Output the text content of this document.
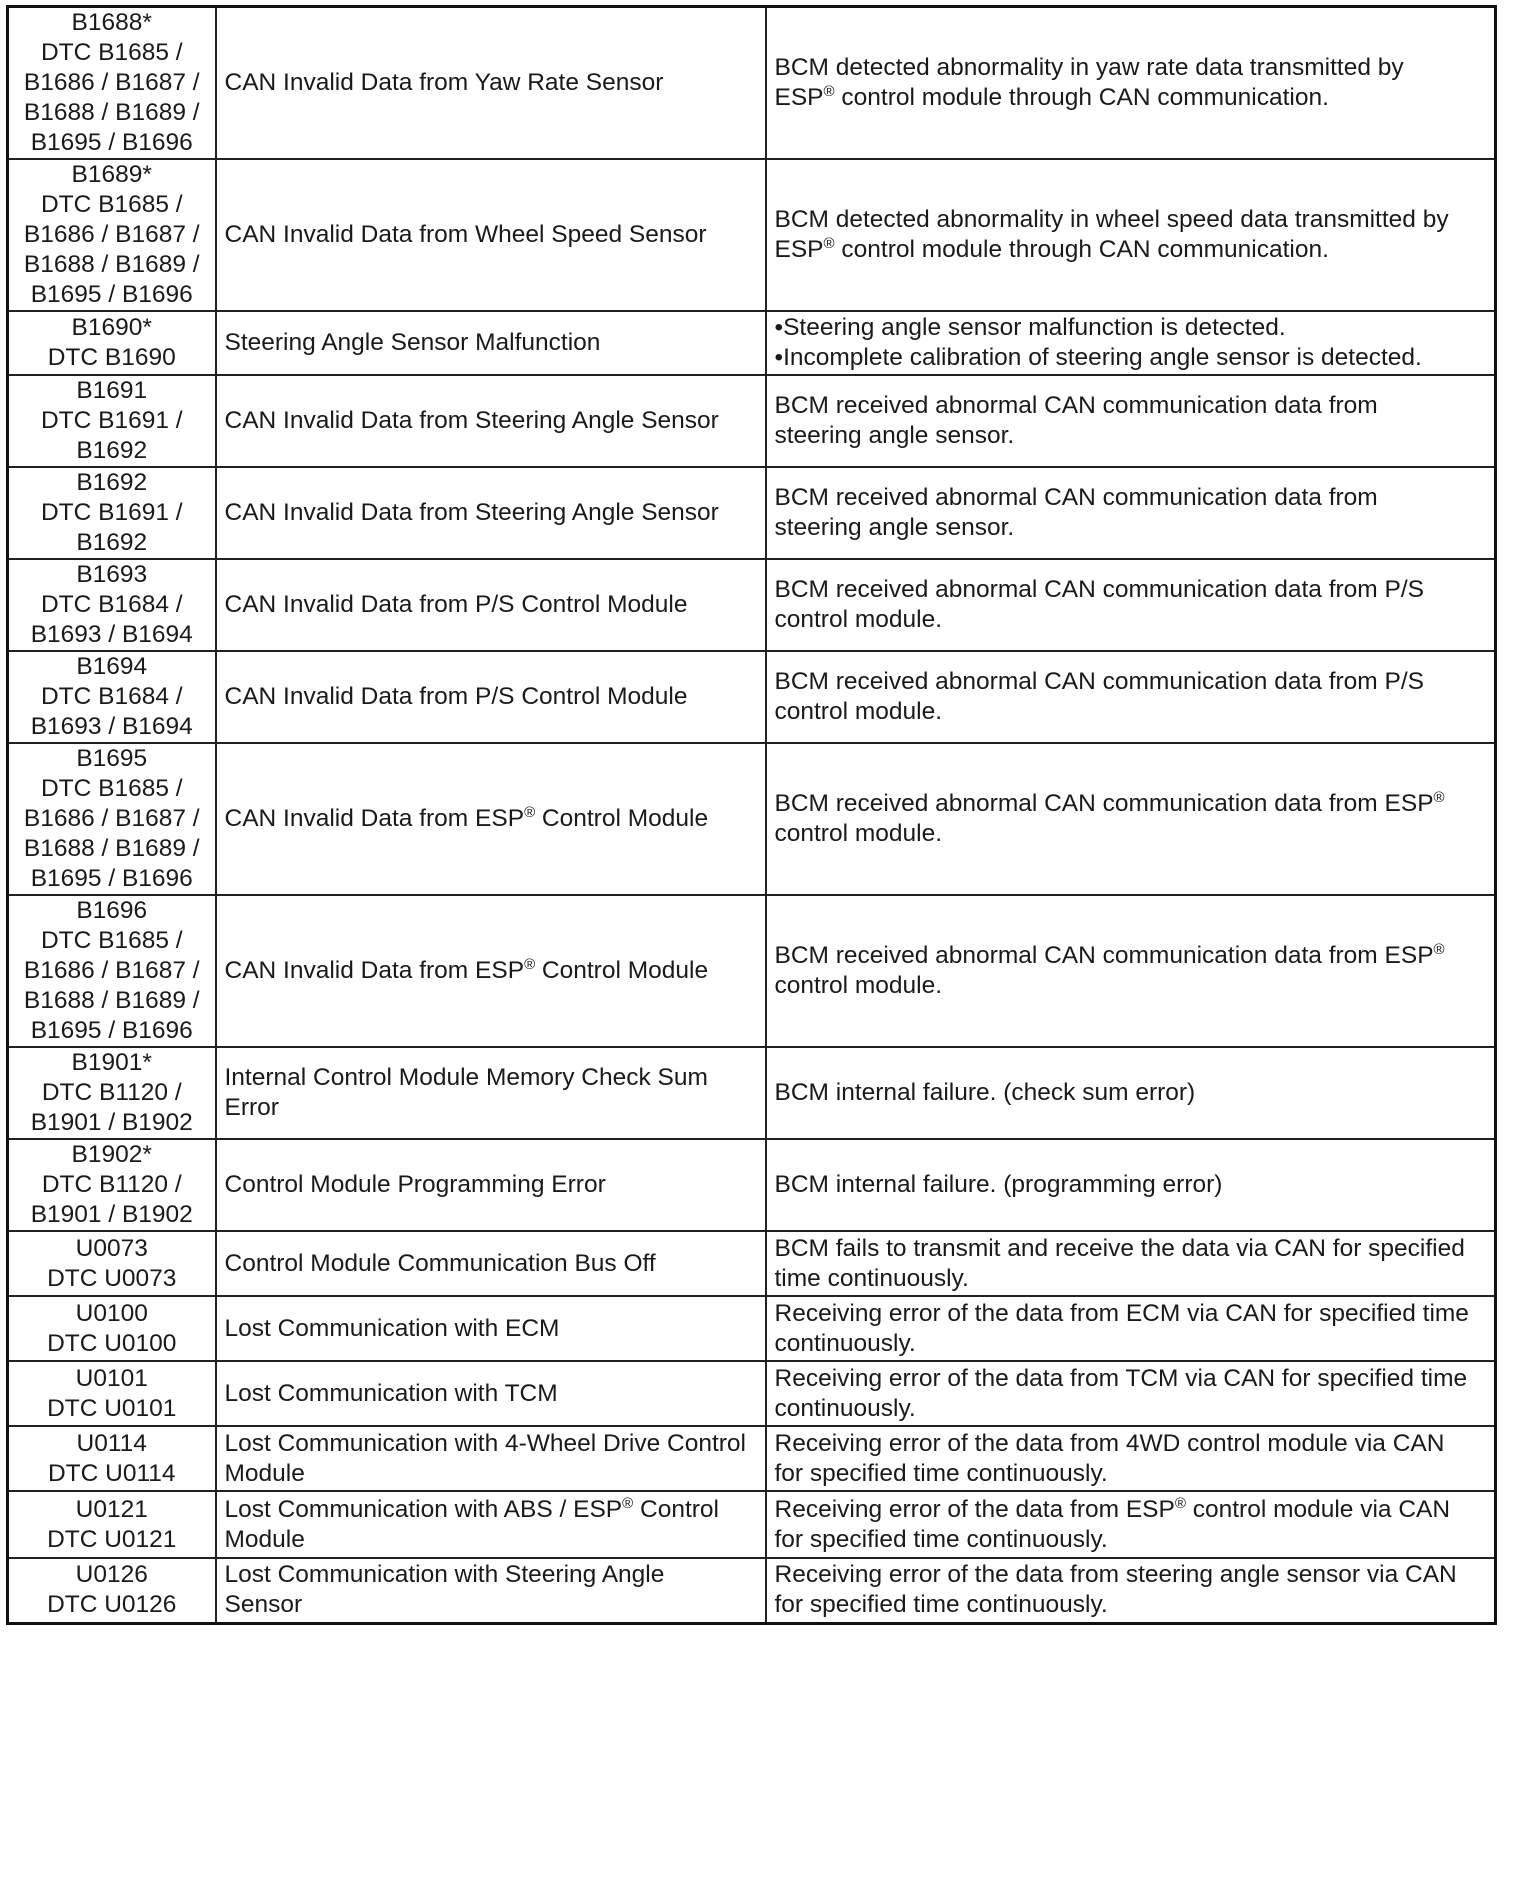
B1688*
DTC B1685 /
B1686 / B1687 /
B1688 / B1689 /
B1695 / B1696	CAN Invalid Data from Yaw Rate Sensor	BCM detected abnormality in yaw rate data transmitted by
ESP® control module through CAN communication.

B1689*
DTC B1685 /
B1686 / B1687 /
B1688 / B1689 /
B1695 / B1696	CAN Invalid Data from Wheel Speed Sensor	BCM detected abnormality in wheel speed data transmitted by
ESP® control module through CAN communication.

B1690*
DTC B1690	Steering Angle Sensor Malfunction	•Steering angle sensor malfunction is detected.
•Incomplete calibration of steering angle sensor is detected.

B1691
DTC B1691 /
B1692	CAN Invalid Data from Steering Angle Sensor	BCM received abnormal CAN communication data from
steering angle sensor.

B1692
DTC B1691 /
B1692	CAN Invalid Data from Steering Angle Sensor	BCM received abnormal CAN communication data from
steering angle sensor.

B1693
DTC B1684 /
B1693 / B1694	CAN Invalid Data from P/S Control Module	BCM received abnormal CAN communication data from P/S
control module.

B1694
DTC B1684 /
B1693 / B1694	CAN Invalid Data from P/S Control Module	BCM received abnormal CAN communication data from P/S
control module.

B1695
DTC B1685 /
B1686 / B1687 /
B1688 / B1689 /
B1695 / B1696	CAN Invalid Data from ESP® Control Module	BCM received abnormal CAN communication data from ESP®
control module.

B1696
DTC B1685 /
B1686 / B1687 /
B1688 / B1689 /
B1695 / B1696	CAN Invalid Data from ESP® Control Module	BCM received abnormal CAN communication data from ESP®
control module.

B1901*
DTC B1120 /
B1901 / B1902	Internal Control Module Memory Check Sum
Error	BCM internal failure. (check sum error)

B1902*
DTC B1120 /
B1901 / B1902	Control Module Programming Error	BCM internal failure. (programming error)

U0073
DTC U0073	Control Module Communication Bus Off	BCM fails to transmit and receive the data via CAN for specified
time continuously.

U0100
DTC U0100	Lost Communication with ECM	Receiving error of the data from ECM via CAN for specified time
continuously.

U0101
DTC U0101	Lost Communication with TCM	Receiving error of the data from TCM via CAN for specified time
continuously.

U0114
DTC U0114	Lost Communication with 4-Wheel Drive Control
Module	Receiving error of the data from 4WD control module via CAN
for specified time continuously.

U0121
DTC U0121	Lost Communication with ABS / ESP® Control
Module	Receiving error of the data from ESP® control module via CAN
for specified time continuously.

U0126
DTC U0126	Lost Communication with Steering Angle
Sensor	Receiving error of the data from steering angle sensor via CAN
for specified time continuously.
